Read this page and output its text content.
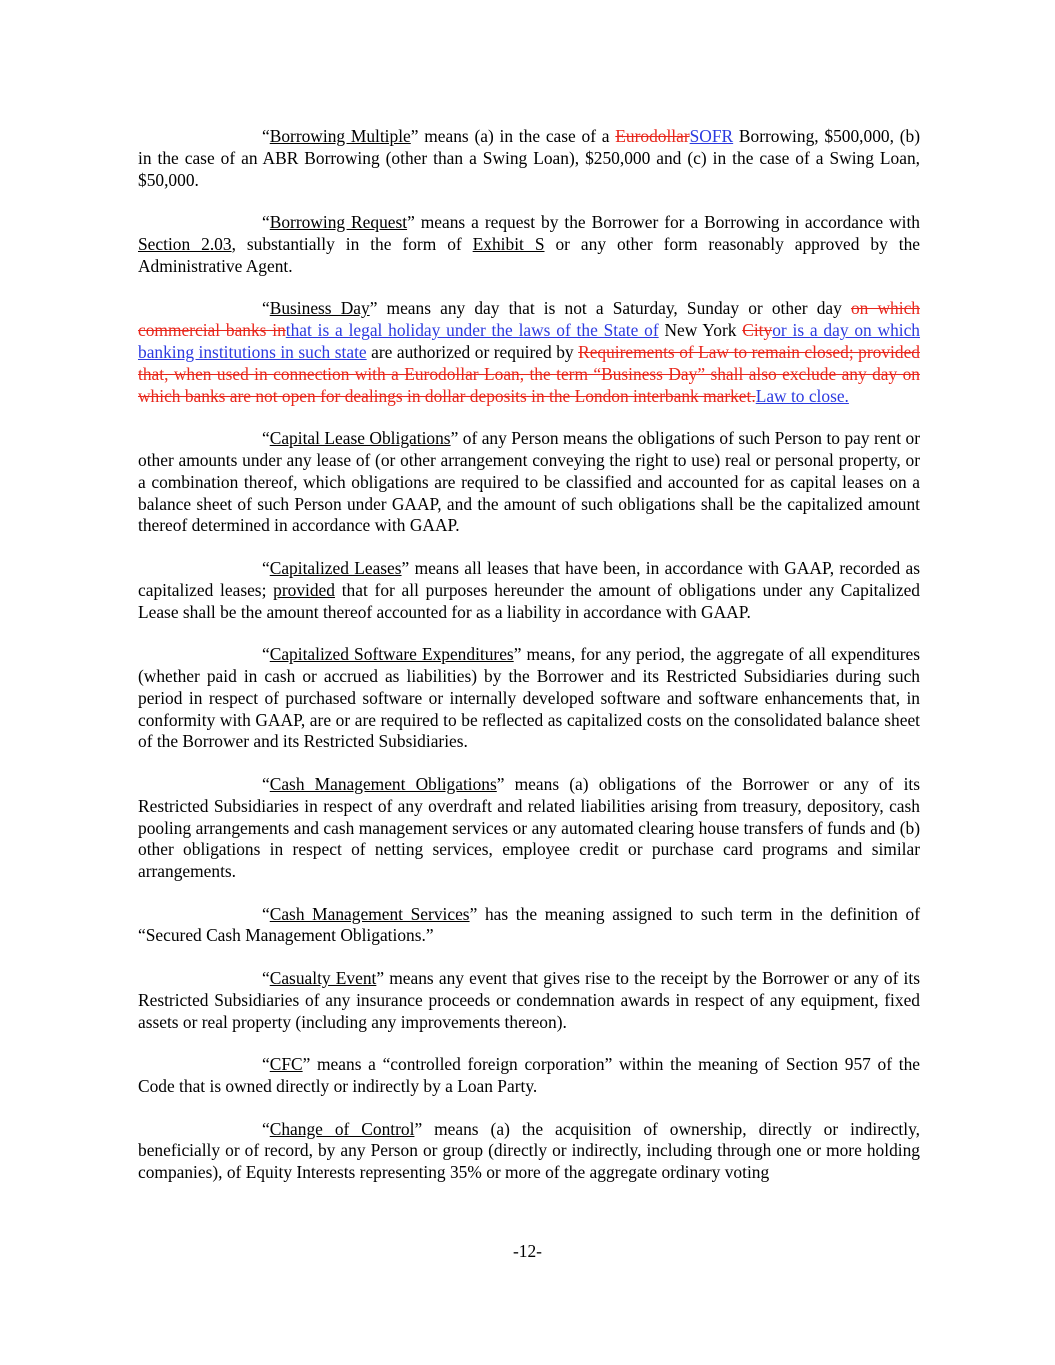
“Borrowing Multiple” means (a) in the case of a EurodollarSOFR Borrowing, $500,000, (b) in the case of an ABR Borrowing (other than a Swing Loan), $250,000 and (c) in the case of a Swing Loan, $50,000.

“Borrowing Request” means a request by the Borrower for a Borrowing in accordance with Section 2.03, substantially in the form of Exhibit S or any other form reasonably approved by the Administrative Agent.

“Business Day” means any day that is not a Saturday, Sunday or other day on which commercial banks inthat is a legal holiday under the laws of the State of New York Cityor is a day on which banking institutions in such state are authorized or required by Requirements of Law to remain closed; provided that, when used in connection with a Eurodollar Loan, the term “Business Day” shall also exclude any day on which banks are not open for dealings in dollar deposits in the London interbank market.Law to close.

“Capital Lease Obligations” of any Person means the obligations of such Person to pay rent or other amounts under any lease of (or other arrangement conveying the right to use) real or personal property, or a combination thereof, which obligations are required to be classified and accounted for as capital leases on a balance sheet of such Person under GAAP, and the amount of such obligations shall be the capitalized amount thereof determined in accordance with GAAP.

“Capitalized Leases” means all leases that have been, in accordance with GAAP, recorded as capitalized leases; provided that for all purposes hereunder the amount of obligations under any Capitalized Lease shall be the amount thereof accounted for as a liability in accordance with GAAP.

“Capitalized Software Expenditures” means, for any period, the aggregate of all expenditures (whether paid in cash or accrued as liabilities) by the Borrower and its Restricted Subsidiaries during such period in respect of purchased software or internally developed software and software enhancements that, in conformity with GAAP, are or are required to be reflected as capitalized costs on the consolidated balance sheet of the Borrower and its Restricted Subsidiaries.

“Cash Management Obligations” means (a) obligations of the Borrower or any of its Restricted Subsidiaries in respect of any overdraft and related liabilities arising from treasury, depository, cash pooling arrangements and cash management services or any automated clearing house transfers of funds and (b) other obligations in respect of netting services, employee credit or purchase card programs and similar arrangements.

“Cash Management Services” has the meaning assigned to such term in the definition of “Secured Cash Management Obligations.”

“Casualty Event” means any event that gives rise to the receipt by the Borrower or any of its Restricted Subsidiaries of any insurance proceeds or condemnation awards in respect of any equipment, fixed assets or real property (including any improvements thereon).

“CFC” means a “controlled foreign corporation” within the meaning of Section 957 of the Code that is owned directly or indirectly by a Loan Party.

“Change of Control” means (a) the acquisition of ownership, directly or indirectly, beneficially or of record, by any Person or group (directly or indirectly, including through one or more holding companies), of Equity Interests representing 35% or more of the aggregate ordinary voting

-12-
